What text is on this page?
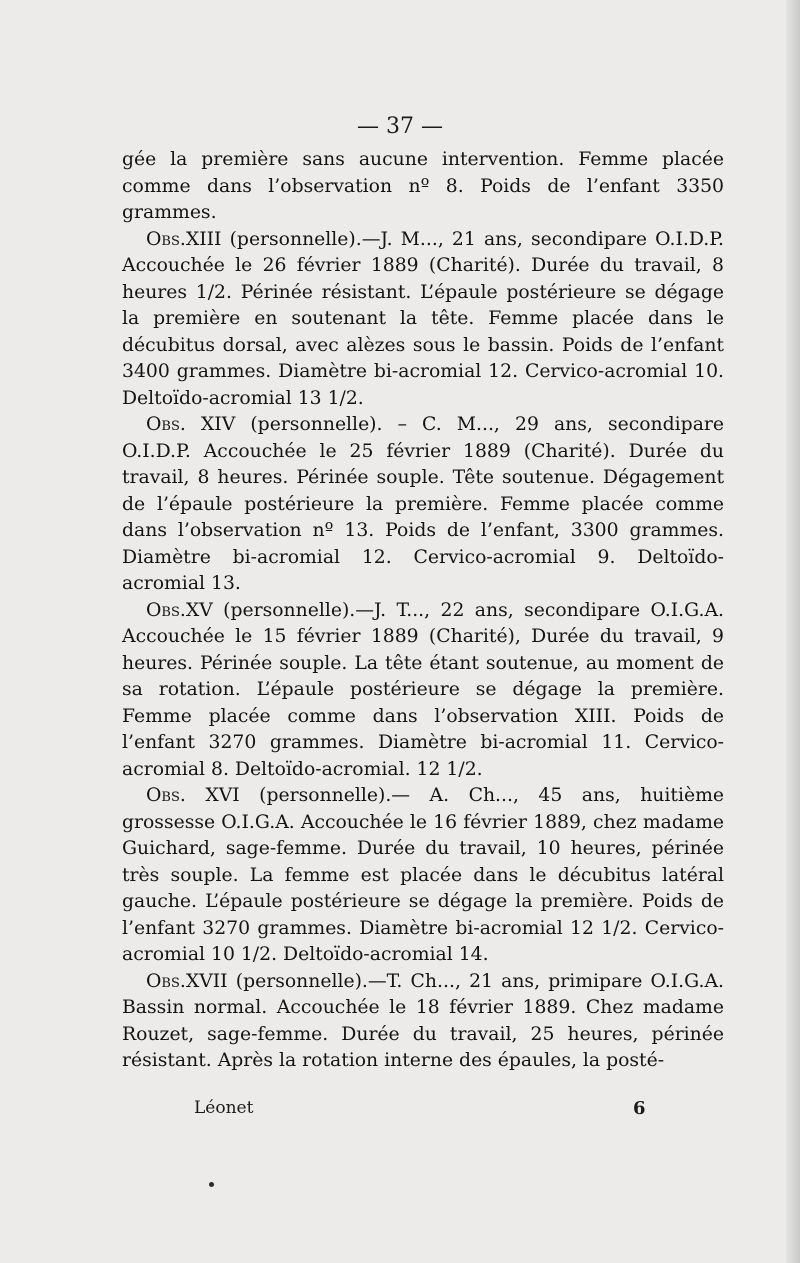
— 37 —

gée la première sans aucune intervention. Femme placée comme dans l’observation nº 8. Poids de l’enfant 3350 grammes.

Obs.XIII (personnelle).—J. M..., 21 ans, secondipare O.I.D.P. Accouchée le 26 février 1889 (Charité). Durée du travail, 8 heures 1/2. Périnée résistant. L’épaule postérieure se dégage la première en soutenant la tête. Femme placée dans le décubitus dorsal, avec alèzes sous le bassin. Poids de l’enfant 3400 grammes. Diamètre bi-acromial 12. Cervico-acromial 10. Deltoïdo-acromial 13 1/2.

Obs. XIV (personnelle). – C. M..., 29 ans, secondipare O.I.D.P. Accouchée le 25 février 1889 (Charité). Durée du travail, 8 heures. Périnée souple. Tête soutenue. Dégagement de l’épaule postérieure la première. Femme placée comme dans l’observation nº 13. Poids de l’enfant, 3300 grammes. Diamètre bi-acromial 12. Cervico-acromial 9. Deltoïdo-acromial 13.

Obs.XV (personnelle).—J. T..., 22 ans, secondipare O.I.G.A. Accouchée le 15 février 1889 (Charité), Durée du travail, 9 heures. Périnée souple. La tête étant soutenue, au moment de sa rotation. L’épaule postérieure se dégage la première. Femme placée comme dans l’observation XIII. Poids de l’enfant 3270 grammes. Diamètre bi-acromial 11. Cervico-acromial 8. Deltoïdo-acromial. 12 1/2.

Obs. XVI (personnelle).— A. Ch..., 45 ans, huitième grossesse O.I.G.A. Accouchée le 16 février 1889, chez madame Guichard, sage-femme. Durée du travail, 10 heures, périnée très souple. La femme est placée dans le décubitus latéral gauche. L’épaule postérieure se dégage la première. Poids de l’enfant 3270 grammes. Diamètre bi-acromial 12 1/2. Cervico-acromial 10 1/2. Deltoïdo-acromial 14.

Obs.XVII (personnelle).—T. Ch..., 21 ans, primipare O.I.G.A. Bassin normal. Accouchée le 18 février 1889. Chez madame Rouzet, sage-femme. Durée du travail, 25 heures, périnée résistant. Après la rotation interne des épaules, la posté-

Léonet	6
